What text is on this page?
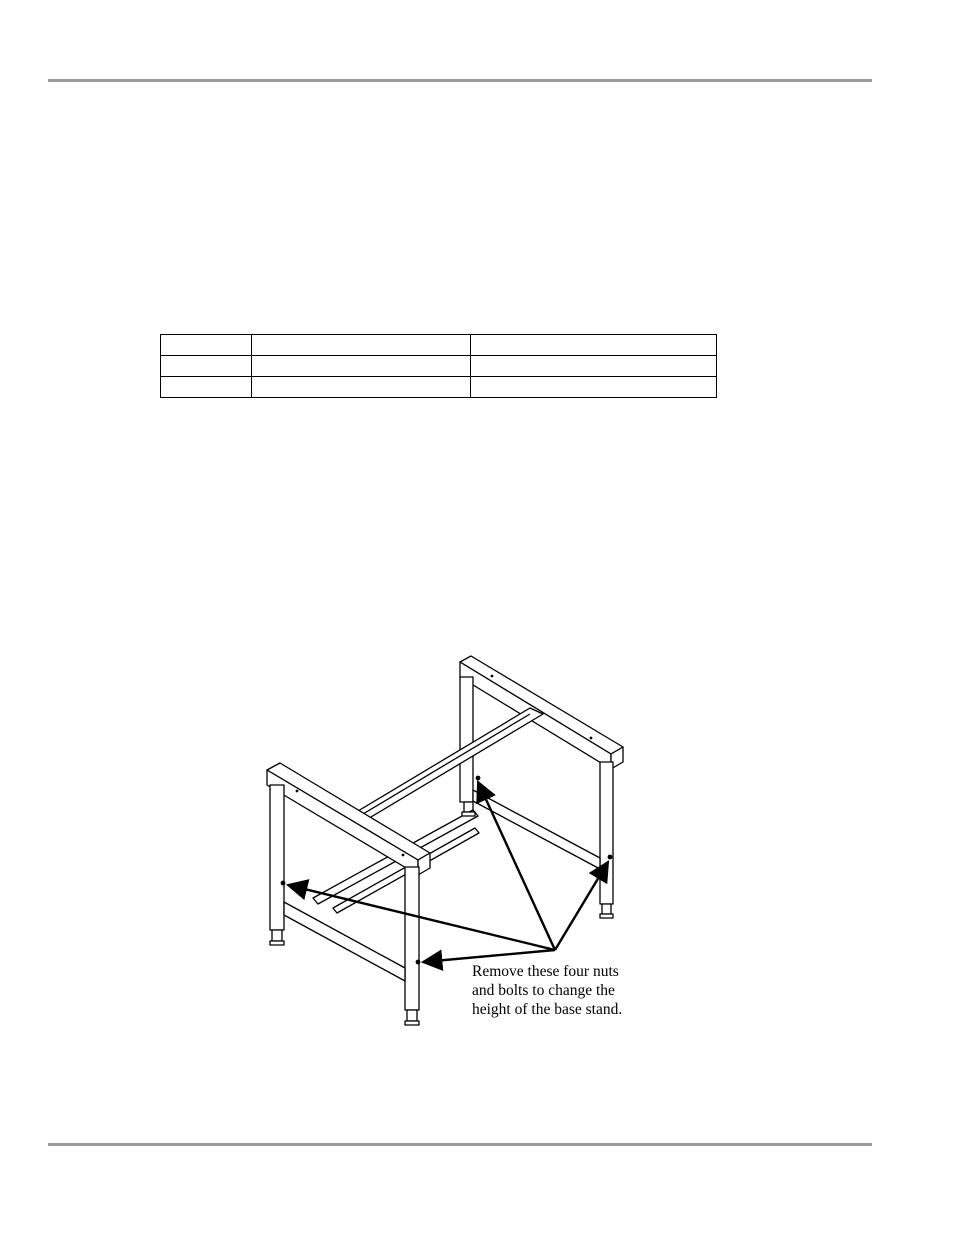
Remove these four nuts
and bolts to change the
height of the base stand.
